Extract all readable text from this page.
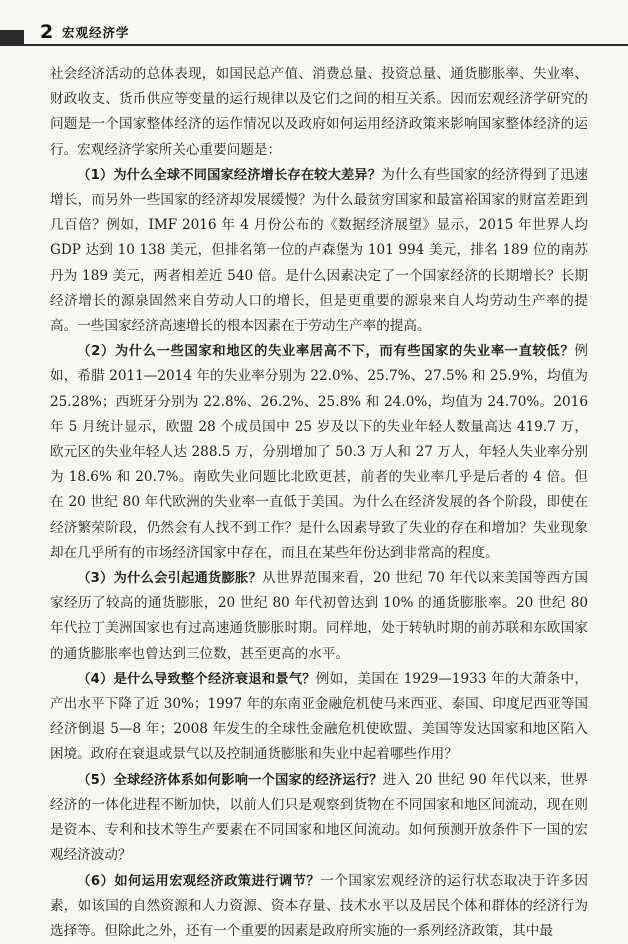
2 宏观经济学

社会经济活动的总体表现，如国民总产值、消费总量、投资总量、通货膨胀率、失业率、财政收支、货币供应等变量的运行规律以及它们之间的相互关系。因而宏观经济学研究的问题是一个国家整体经济的运作情况以及政府如何运用经济政策来影响国家整体经济的运行。宏观经济学家所关心重要问题是：

（1）为什么全球不同国家经济增长存在较大差异？为什么有些国家的经济得到了迅速增长，而另外一些国家的经济却发展缓慢？为什么最贫穷国家和最富裕国家的财富差距到几百倍？例如，IMF 2016 年 4 月份公布的《数据经济展望》显示，2015 年世界人均 GDP 达到 10 138 美元，但排名第一位的卢森堡为 101 994 美元，排名 189 位的南苏丹为 189 美元，两者相差近 540 倍。是什么因素决定了一个国家经济的长期增长？长期经济增长的源泉固然来自劳动人口的增长，但是更重要的源泉来自人均劳动生产率的提高。一些国家经济高速增长的根本因素在于劳动生产率的提高。

（2）为什么一些国家和地区的失业率居高不下，而有些国家的失业率一直较低？例如，希腊 2011—2014 年的失业率分别为 22.0%、25.7%、27.5% 和 25.9%，均值为 25.28%；西班牙分别为 22.8%、26.2%、25.8% 和 24.0%，均值为 24.70%。2016 年 5 月统计显示，欧盟 28 个成员国中 25 岁及以下的失业年轻人数量高达 419.7 万，欧元区的失业年轻人达 288.5 万，分别增加了 50.3 万人和 27 万人，年轻人失业率分别为 18.6% 和 20.7%。南欧失业问题比北欧更甚，前者的失业率几乎是后者的 4 倍。但在 20 世纪 80 年代欧洲的失业率一直低于美国。为什么在经济发展的各个阶段，即使在经济繁荣阶段，仍然会有人找不到工作？是什么因素导致了失业的存在和增加？失业现象却在几乎所有的市场经济国家中存在，而且在某些年份达到非常高的程度。

（3）为什么会引起通货膨胀？从世界范围来看，20 世纪 70 年代以来美国等西方国家经历了较高的通货膨胀，20 世纪 80 年代初曾达到 10% 的通货膨胀率。20 世纪 80 年代拉丁美洲国家也有过高速通货膨胀时期。同样地，处于转轨时期的前苏联和东欧国家的通货膨胀率也曾达到三位数，甚至更高的水平。

（4）是什么导致整个经济衰退和景气？例如，美国在 1929—1933 年的大萧条中，产出水平下降了近 30%；1997 年的东南亚金融危机使马来西亚、泰国、印度尼西亚等国经济倒退 5—8 年；2008 年发生的全球性金融危机使欧盟、美国等发达国家和地区陷入困境。政府在衰退或景气以及控制通货膨胀和失业中起着哪些作用？

（5）全球经济体系如何影响一个国家的经济运行？进入 20 世纪 90 年代以来，世界经济的一体化进程不断加快，以前人们只是观察到货物在不同国家和地区间流动，现在则是资本、专利和技术等生产要素在不同国家和地区间流动。如何预测开放条件下一国的宏观经济波动？

（6）如何运用宏观经济政策进行调节？一个国家宏观经济的运行状态取决于许多因素，如该国的自然资源和人力资源、资本存量、技术水平以及居民个体和群体的经济行为选择等。但除此之外，还有一个重要的因素是政府所实施的一系列经济政策，其中最
